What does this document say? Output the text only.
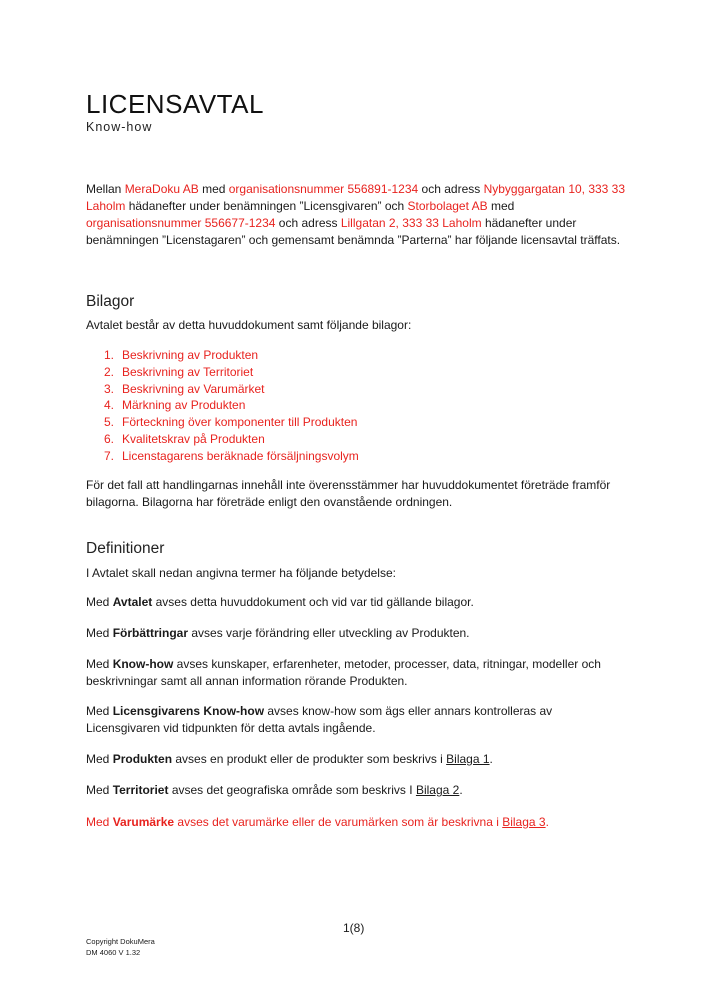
LICENSAVTAL
Know-how

Mellan MeraDoku AB med organisationsnummer 556891-1234 och adress Nybyggargatan 10, 333 33 Laholm hädanefter under benämningen ”Licensgivaren” och Storbolaget AB med organisationsnummer 556677-1234 och adress Lillgatan 2, 333 33 Laholm hädanefter under benämningen ”Licenstagaren” och gemensamt benämnda ”Parterna” har följande licensavtal träffats.

Bilagor

Avtalet består av detta huvuddokument samt följande bilagor:

1. Beskrivning av Produkten
2. Beskrivning av Territoriet
3. Beskrivning av Varumärket
4. Märkning av Produkten
5. Förteckning över komponenter till Produkten
6. Kvalitetskrav på Produkten
7. Licenstagarens beräknade försäljningsvolym

För det fall att handlingarnas innehåll inte överensstämmer har huvuddokumentet företräde framför bilagorna. Bilagorna har företräde enligt den ovanstående ordningen.

Definitioner

I Avtalet skall nedan angivna termer ha följande betydelse:

Med Avtalet avses detta huvuddokument och vid var tid gällande bilagor.

Med Förbättringar avses varje förändring eller utveckling av Produkten.

Med Know-how avses kunskaper, erfarenheter, metoder, processer, data, ritningar, modeller och beskrivningar samt all annan information rörande Produkten.

Med Licensgivarens Know-how avses know-how som ägs eller annars kontrolleras av Licensgivaren vid tidpunkten för detta avtals ingående.

Med Produkten avses en produkt eller de produkter som beskrivs i Bilaga 1.

Med Territoriet avses det geografiska område som beskrivs I Bilaga 2.

Med Varumärke avses det varumärke eller de varumärken som är beskrivna i Bilaga 3.

1(8)
Copyright DokuMera
DM 4060 V 1.32
